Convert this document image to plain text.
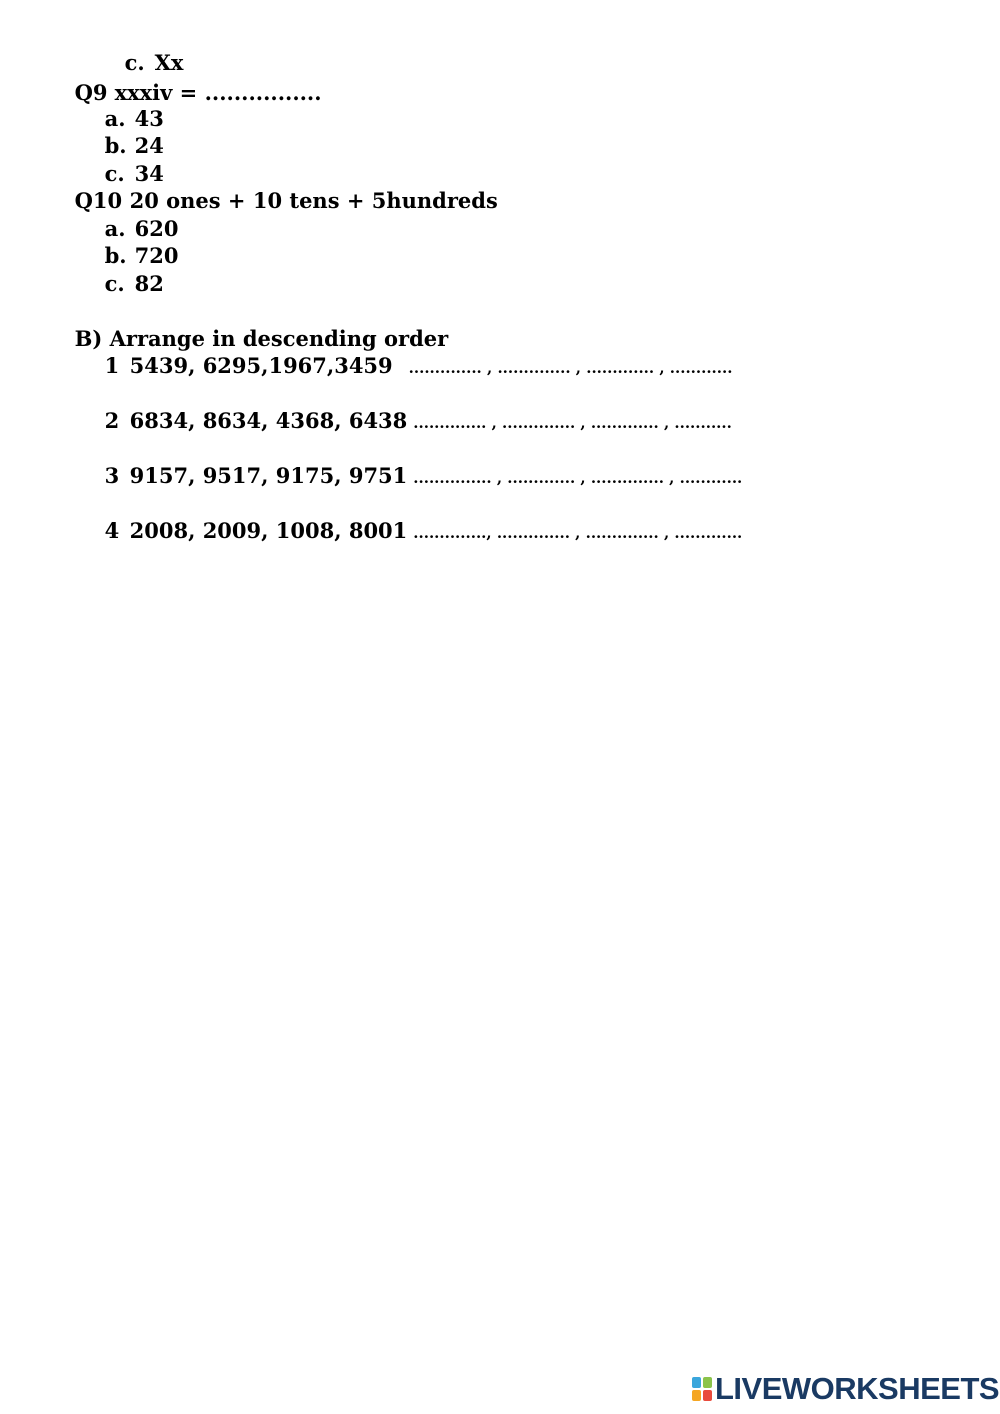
c. Xx

Q9 xxxiv = ................

a. 43

b. 24

c. 34

Q10 20 ones + 10 tens + 5hundreds

a. 620

b. 720

c. 82

B) Arrange in descending order

1 5439, 6295,1967,3459 .............. , .............. , ............. , ............

2 6834, 8634, 4368, 6438 .............. , .............. , ............. , ...........

3 9157, 9517, 9175, 9751 ............... , ............. , .............. , ............

4 2008, 2009, 1008, 8001 .............., .............. , .............. , .............

LIVEWORKSHEETS
